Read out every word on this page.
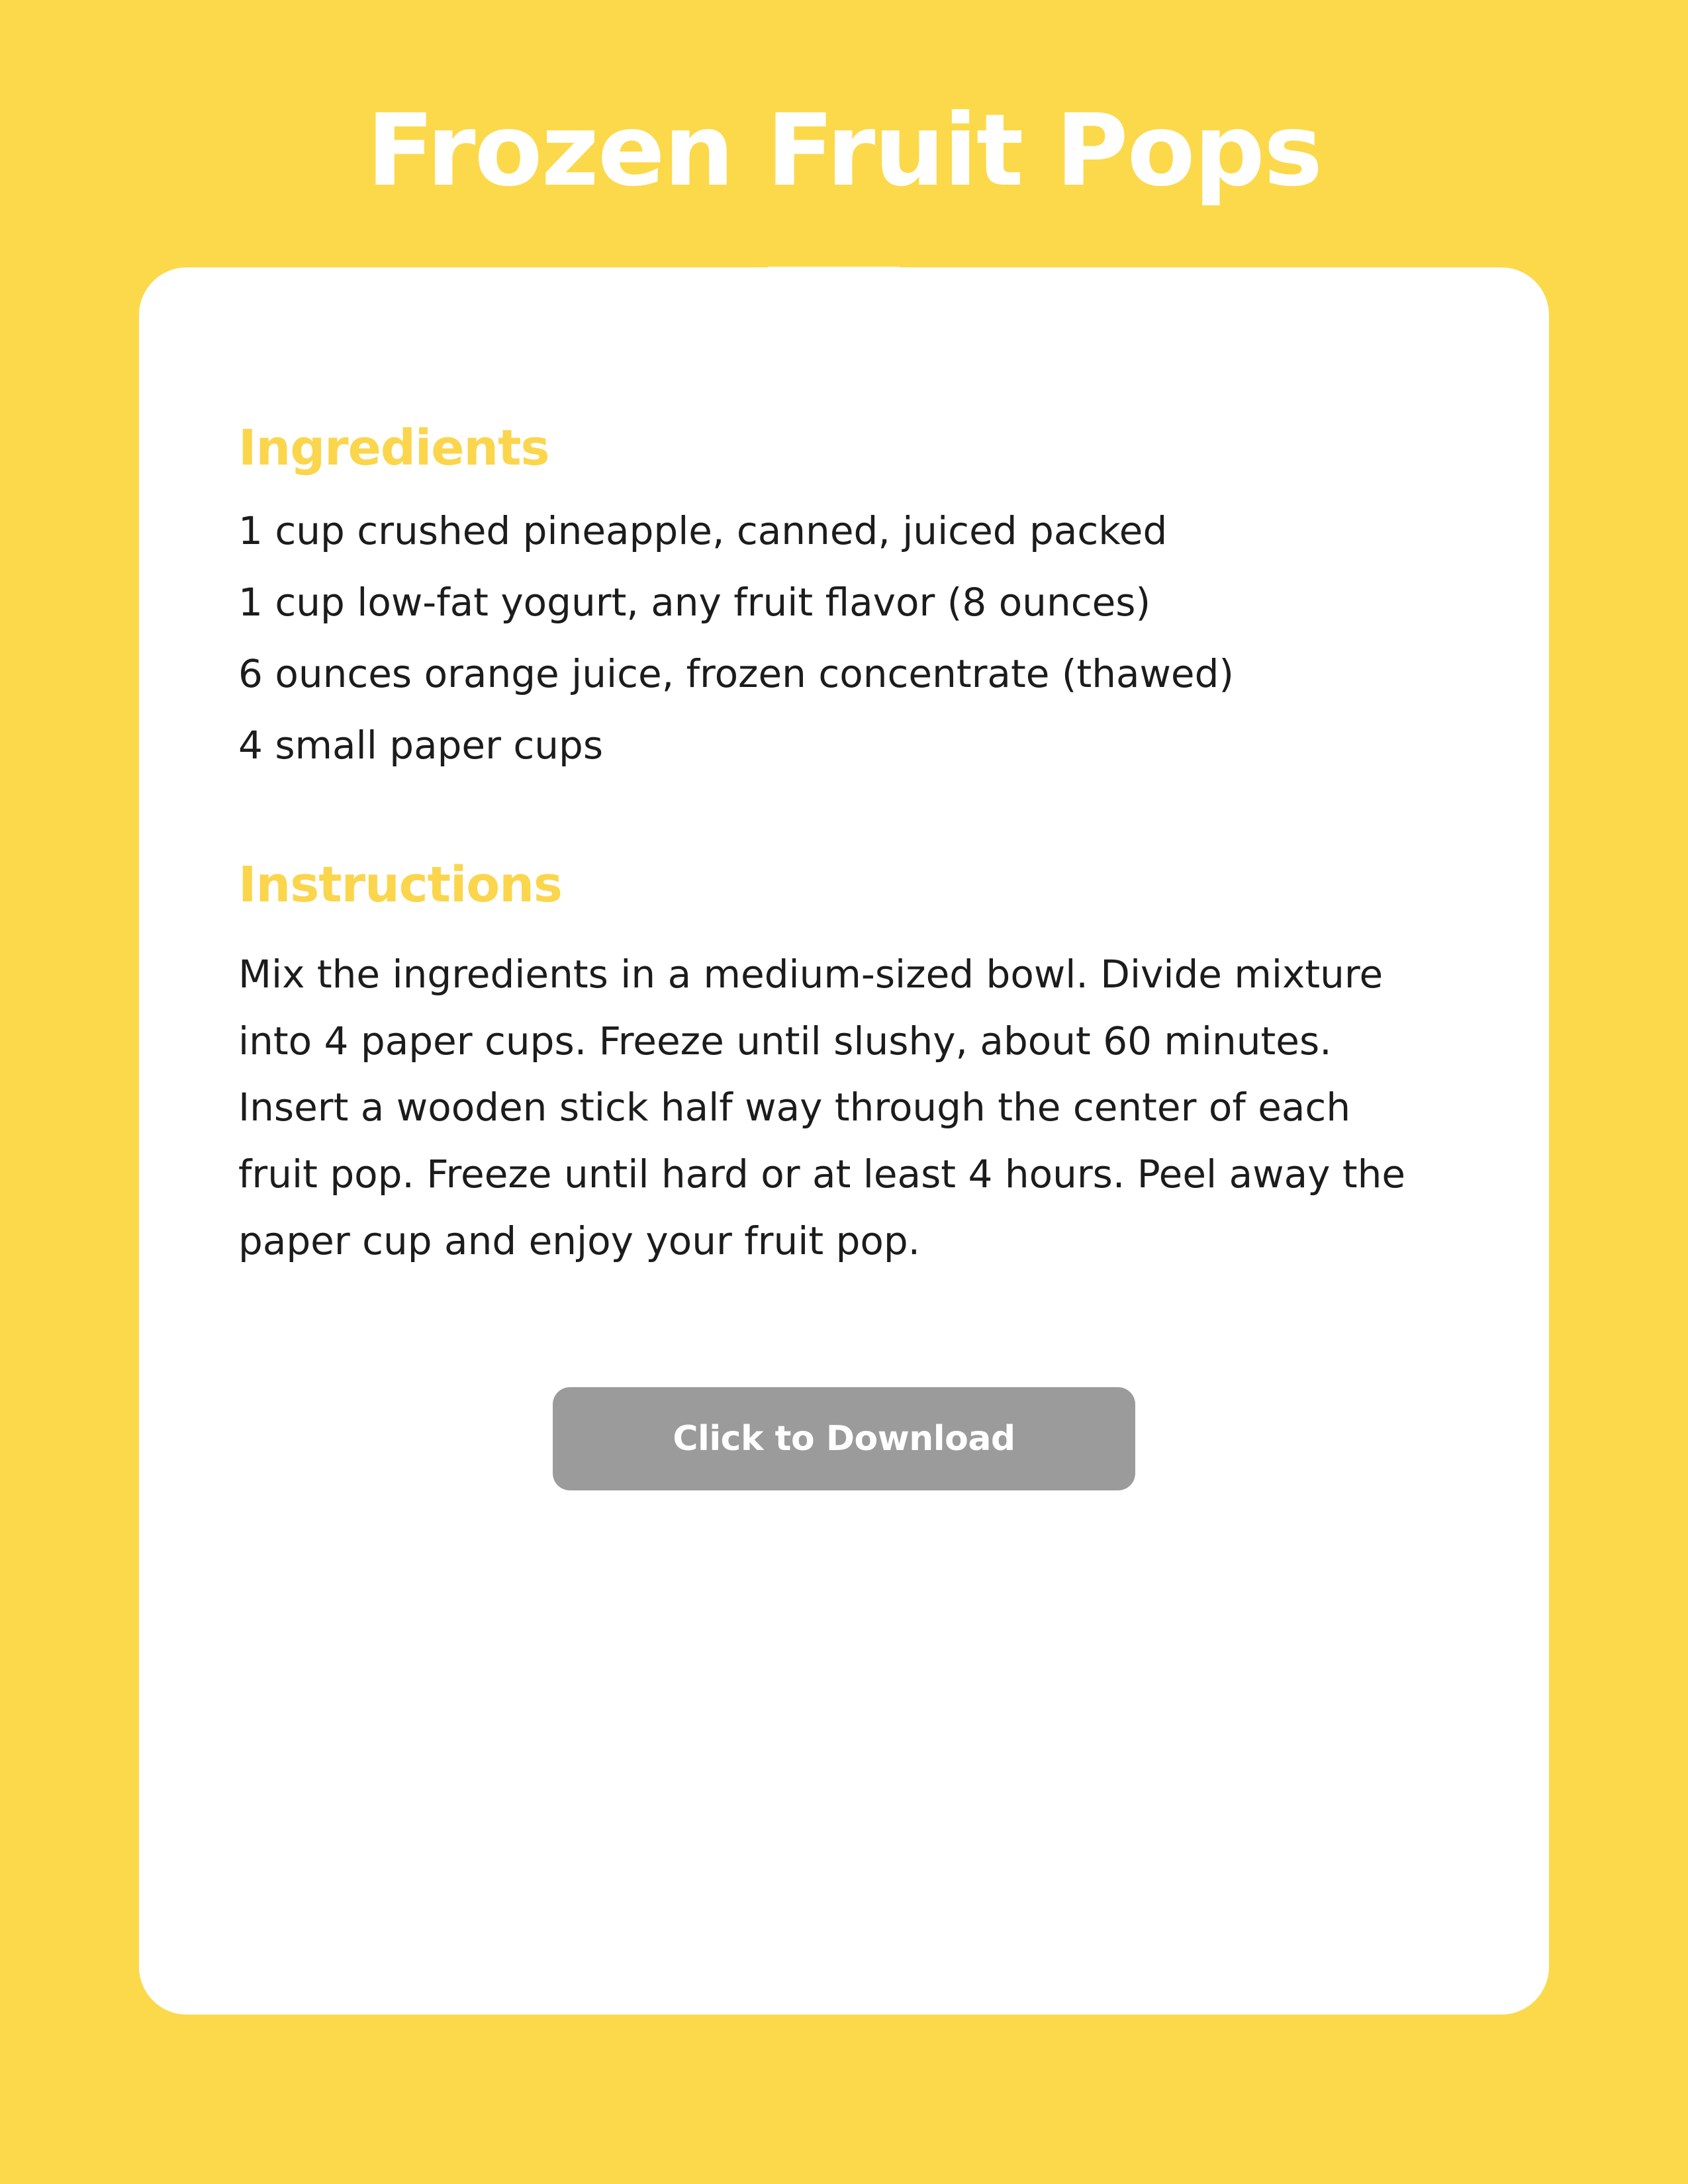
Frozen Fruit Pops
Ingredients
1 cup crushed pineapple, canned, juiced packed
1 cup low-fat yogurt, any fruit flavor (8 ounces)
6 ounces orange juice, frozen concentrate (thawed)
4 small paper cups
Instructions

Mix the ingredients in a medium-sized bowl. Divide mixture into 4 paper cups. Freeze until slushy, about 60 minutes. Insert a wooden stick half way through the center of each fruit pop. Freeze until hard or at least 4 hours. Peel away the paper cup and enjoy your fruit pop.

Click to Download
